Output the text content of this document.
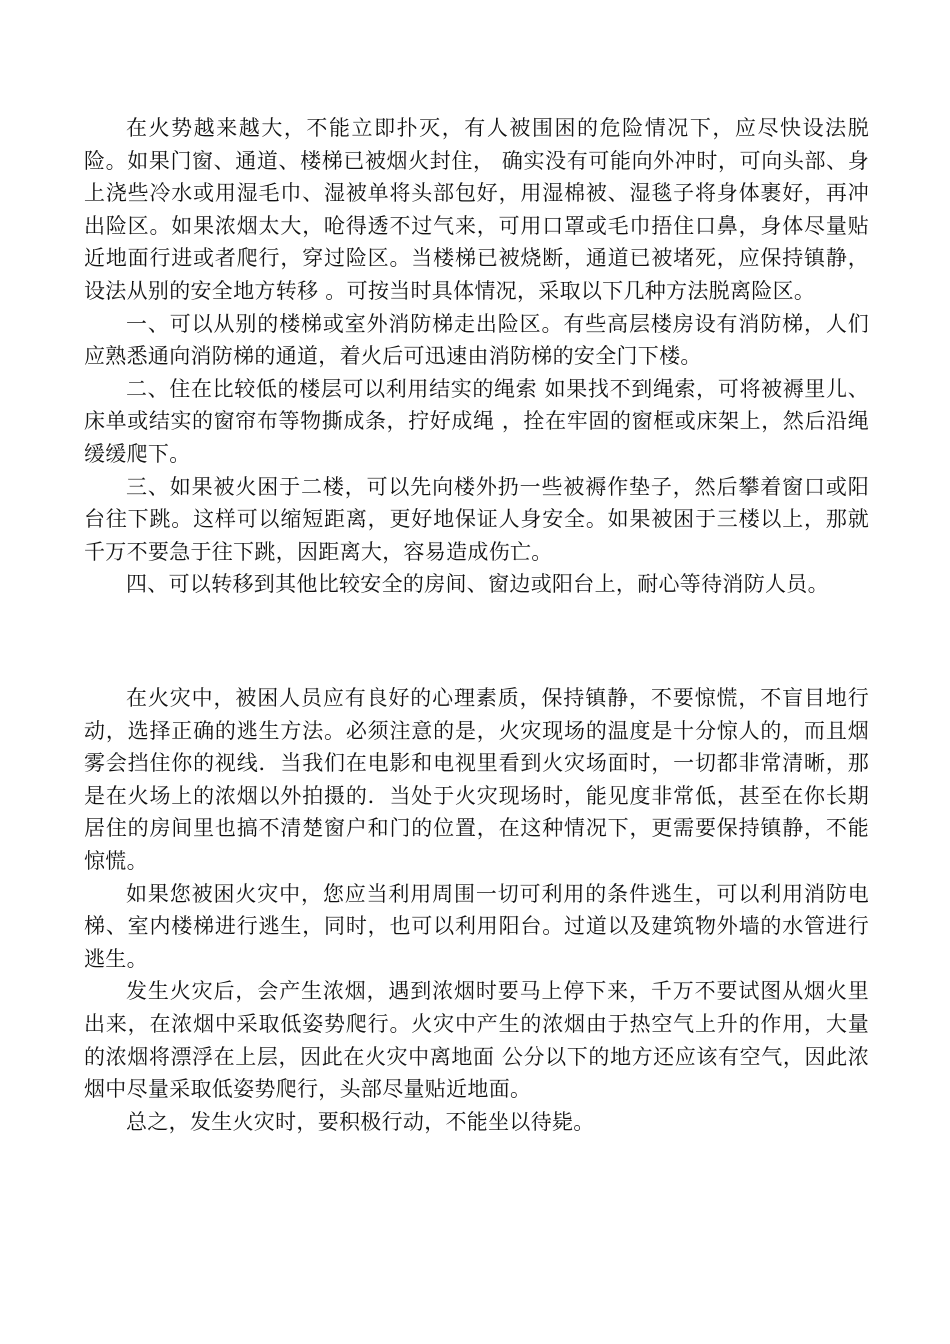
在火势越来越大，不能立即扑灭，有人被围困的危险情况下，应尽快设法脱险。如果门窗、通道、楼梯已被烟火封住， 确实没有可能向外冲时，可向头部、身上浇些冷水或用湿毛巾、湿被单将头部包好，用湿棉被、湿毯子将身体裹好，再冲出险区。如果浓烟太大，呛得透不过气来，可用口罩或毛巾捂住口鼻，身体尽量贴近地面行进或者爬行，穿过险区。当楼梯已被烧断，通道已被堵死，应保持镇静，设法从别的安全地方转移 。可按当时具体情况，采取以下几种方法脱离险区。

一、可以从别的楼梯或室外消防梯走出险区。有些高层楼房设有消防梯，人们应熟悉通向消防梯的通道，着火后可迅速由消防梯的安全门下楼。

二、住在比较低的楼层可以利用结实的绳索 如果找不到绳索，可将被褥里儿、床单或结实的窗帘布等物撕成条，拧好成绳 ，拴在牢固的窗框或床架上，然后沿绳缓缓爬下。

三、如果被火困于二楼，可以先向楼外扔一些被褥作垫子，然后攀着窗口或阳台往下跳。这样可以缩短距离，更好地保证人身安全。如果被困于三楼以上，那就千万不要急于往下跳，因距离大，容易造成伤亡。

四、可以转移到其他比较安全的房间、窗边或阳台上，耐心等待消防人员。

在火灾中，被困人员应有良好的心理素质，保持镇静，不要惊慌，不盲目地行动，选择正确的逃生方法。必须注意的是，火灾现场的温度是十分惊人的，而且烟雾会挡住你的视线．当我们在电影和电视里看到火灾场面时，一切都非常清晰，那是在火场上的浓烟以外拍摄的．当处于火灾现场时，能见度非常低，甚至在你长期居住的房间里也搞不清楚窗户和门的位置，在这种情况下，更需要保持镇静，不能惊慌。

如果您被困火灾中，您应当利用周围一切可利用的条件逃生，可以利用消防电梯、室内楼梯进行逃生，同时，也可以利用阳台。过道以及建筑物外墙的水管进行逃生。

发生火灾后，会产生浓烟，遇到浓烟时要马上停下来，千万不要试图从烟火里出来，在浓烟中采取低姿势爬行。火灾中产生的浓烟由于热空气上升的作用，大量的浓烟将漂浮在上层，因此在火灾中离地面 公分以下的地方还应该有空气，因此浓烟中尽量采取低姿势爬行，头部尽量贴近地面。

总之，发生火灾时，要积极行动，不能坐以待毙。
